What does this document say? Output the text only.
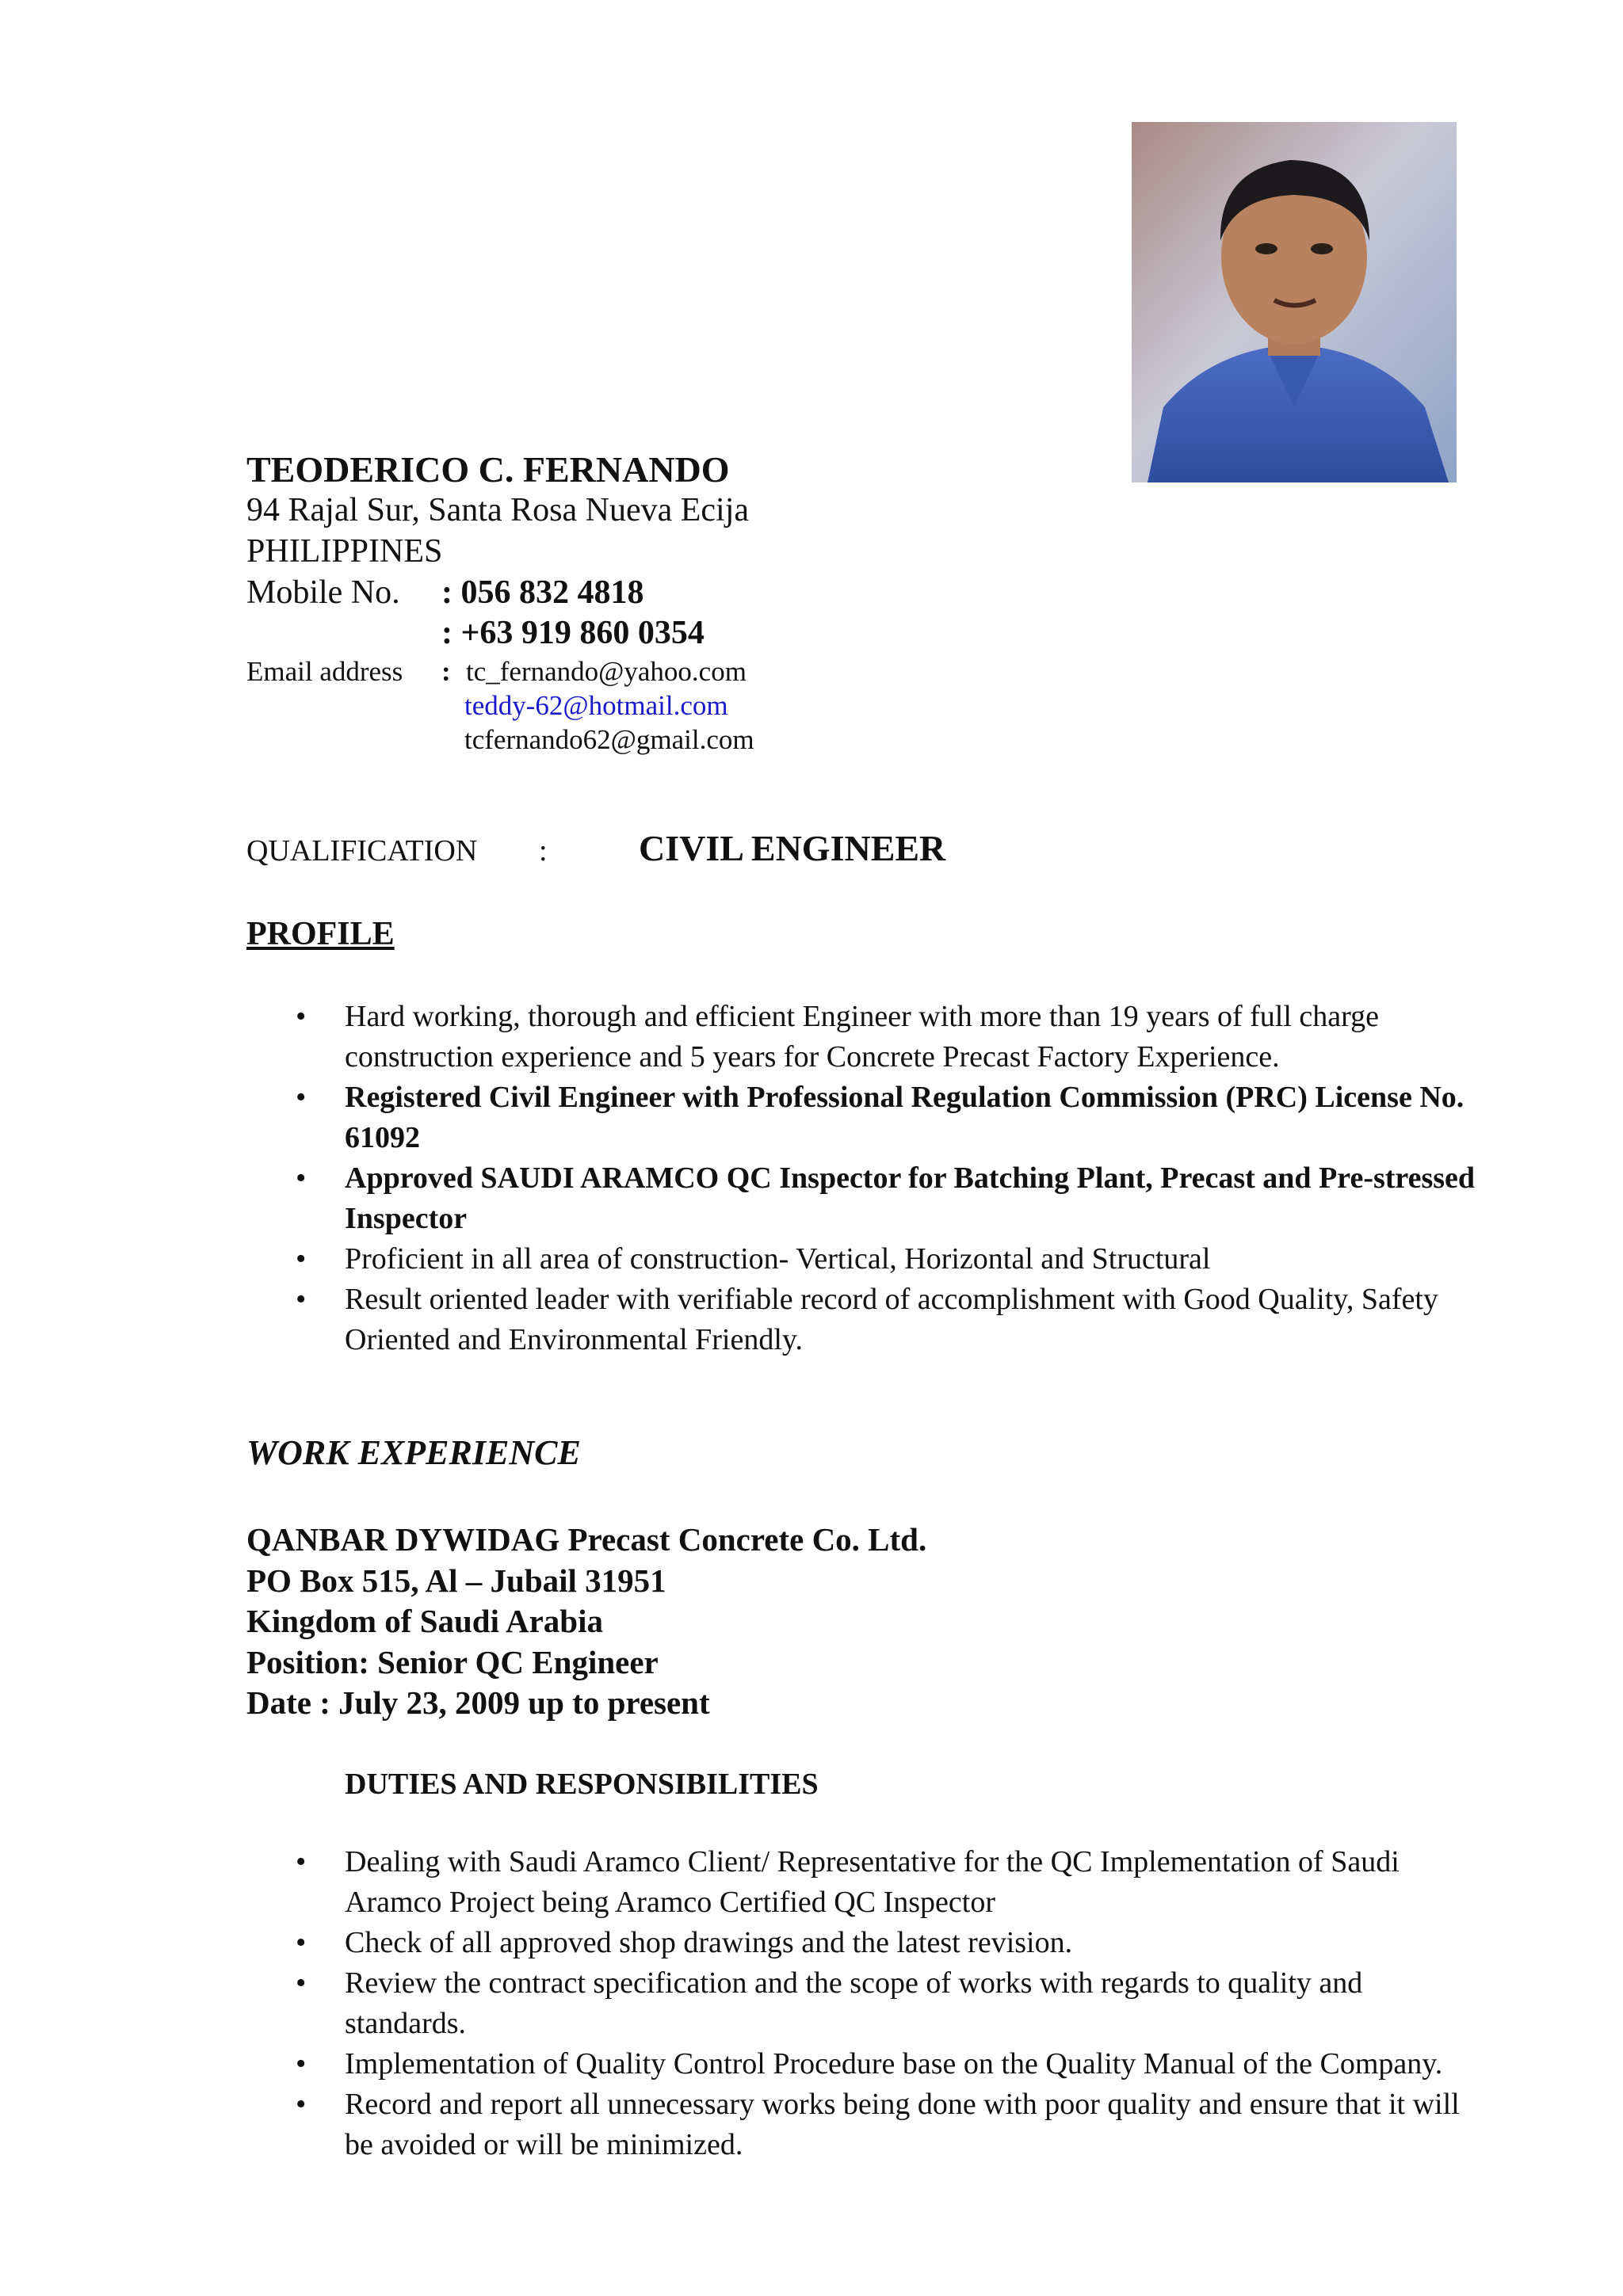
TEODERICO C. FERNANDO
94 Rajal Sur, Santa Rosa Nueva Ecija
PHILIPPINES
Mobile No. : 056 832 4818
: +63 919 860 0354
Email address : tc_fernando@yahoo.com
teddy-62@hotmail.com
tcfernando62@gmail.com
QUALIFICATION :	CIVIL ENGINEER
PROFILE
• Hard working, thorough and efficient Engineer with more than 19 years of full charge construction experience and 5 years for Concrete Precast Factory Experience.
• Registered Civil Engineer with Professional Regulation Commission (PRC) License No. 61092
• Approved SAUDI ARAMCO QC Inspector for Batching Plant, Precast and Pre-stressed Inspector
• Proficient in all area of construction- Vertical, Horizontal and Structural
• Result oriented leader with verifiable record of accomplishment with Good Quality, Safety Oriented and Environmental Friendly.
WORK EXPERIENCE
QANBAR DYWIDAG Precast Concrete Co. Ltd.
PO Box 515, Al – Jubail 31951
Kingdom of Saudi Arabia
Position: Senior QC Engineer
Date : July 23, 2009 up to present
DUTIES AND RESPONSIBILITIES
• Dealing with Saudi Aramco Client/ Representative for the QC Implementation of Saudi Aramco Project being Aramco Certified QC Inspector
• Check of all approved shop drawings and the latest revision.
• Review the contract specification and the scope of works with regards to quality and standards.
• Implementation of Quality Control Procedure base on the Quality Manual of the Company.
• Record and report all unnecessary works being done with poor quality and ensure that it will be avoided or will be minimized.
